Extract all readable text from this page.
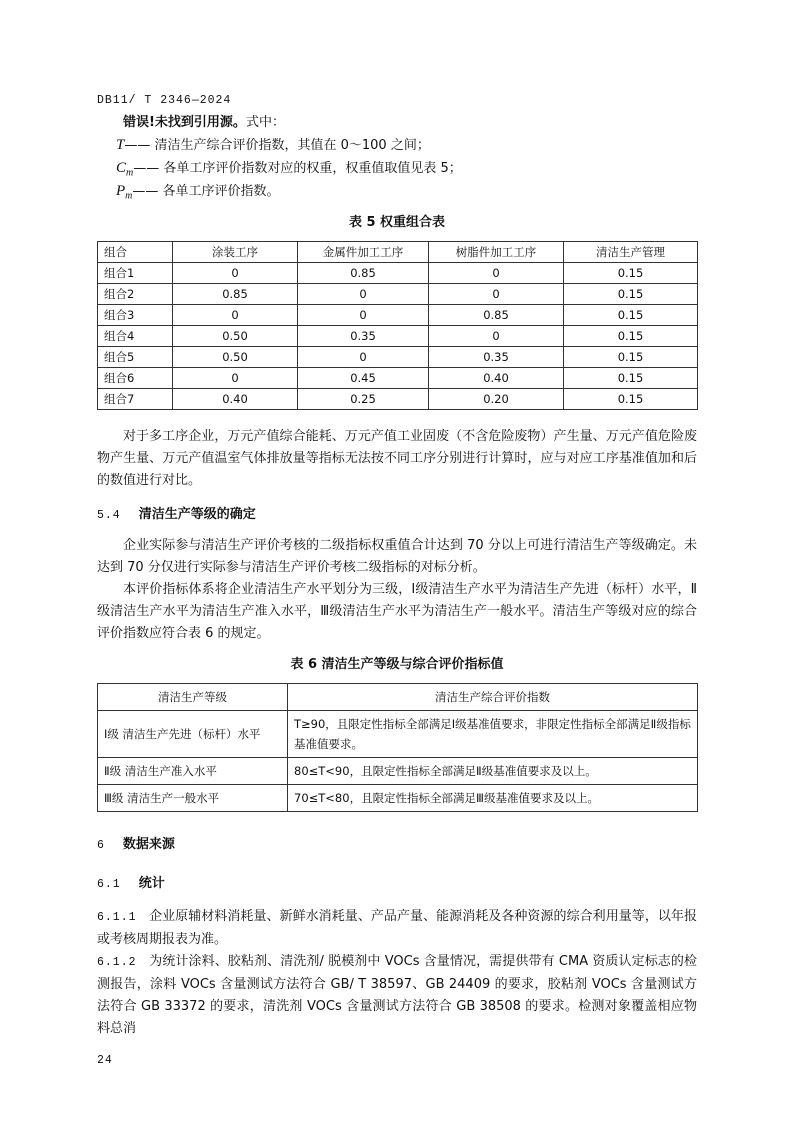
DB11/ T 2346—2024
错误!未找到引用源。式中：
T—— 清洁生产综合评价指数，其值在 0～100 之间；
$C_m——$ 各单工序评价指数对应的权重，权重值取值见表 5；
$P_m——$ 各单工序评价指数。
表 5 权重组合表
组合	涂装工序	金属件加工工序	树脂件加工工序	清洁生产管理
组合1	0	0.85	0	0.15
组合2	0.85	0	0	0.15
组合3	0	0	0.85	0.15
组合4	0.50	0.35	0	0.15
组合5	0.50	0	0.35	0.15
组合6	0	0.45	0.40	0.15
组合7	0.40	0.25	0.20	0.15
对于多工序企业，万元产值综合能耗、万元产值工业固废（不含危险废物）产生量、万元产值危险废物产生量、万元产值温室气体排放量等指标无法按不同工序分别进行计算时，应与对应工序基准值加和后的数值进行对比。
5.4 清洁生产等级的确定
企业实际参与清洁生产评价考核的二级指标权重值合计达到 70 分以上可进行清洁生产等级确定。未达到 70 分仅进行实际参与清洁生产评价考核二级指标的对标分析。
本评价指标体系将企业清洁生产水平划分为三级，Ⅰ级清洁生产水平为清洁生产先进（标杆）水平，Ⅱ级清洁生产水平为清洁生产准入水平，Ⅲ级清洁生产水平为清洁生产一般水平。清洁生产等级对应的综合评价指数应符合表 6 的规定。
表 6 清洁生产等级与综合评价指标值
清洁生产等级	清洁生产综合评价指数
Ⅰ级 清洁生产先进（标杆）水平	T≥90，且限定性指标全部满足Ⅰ级基准值要求，非限定性指标全部满足Ⅱ级指标基准值要求。
Ⅱ级 清洁生产准入水平	80≤T<90，且限定性指标全部满足Ⅱ级基准值要求及以上。
Ⅲ级 清洁生产一般水平	70≤T<80，且限定性指标全部满足Ⅲ级基准值要求及以上。
6 数据来源
6.1 统计
6.1.1 企业原辅材料消耗量、新鲜水消耗量、产品产量、能源消耗及各种资源的综合利用量等，以年报或考核周期报表为准。
6.1.2 为统计涂料、胶粘剂、清洗剂/ 脱模剂中 VOCs 含量情况，需提供带有 CMA 资质认定标志的检测报告，涂料 VOCs 含量测试方法符合 GB/ T 38597、GB 24409 的要求，胶粘剂 VOCs 含量测试方法符合 GB 33372 的要求，清洗剂 VOCs 含量测试方法符合 GB 38508 的要求。检测对象覆盖相应物料总消
24
